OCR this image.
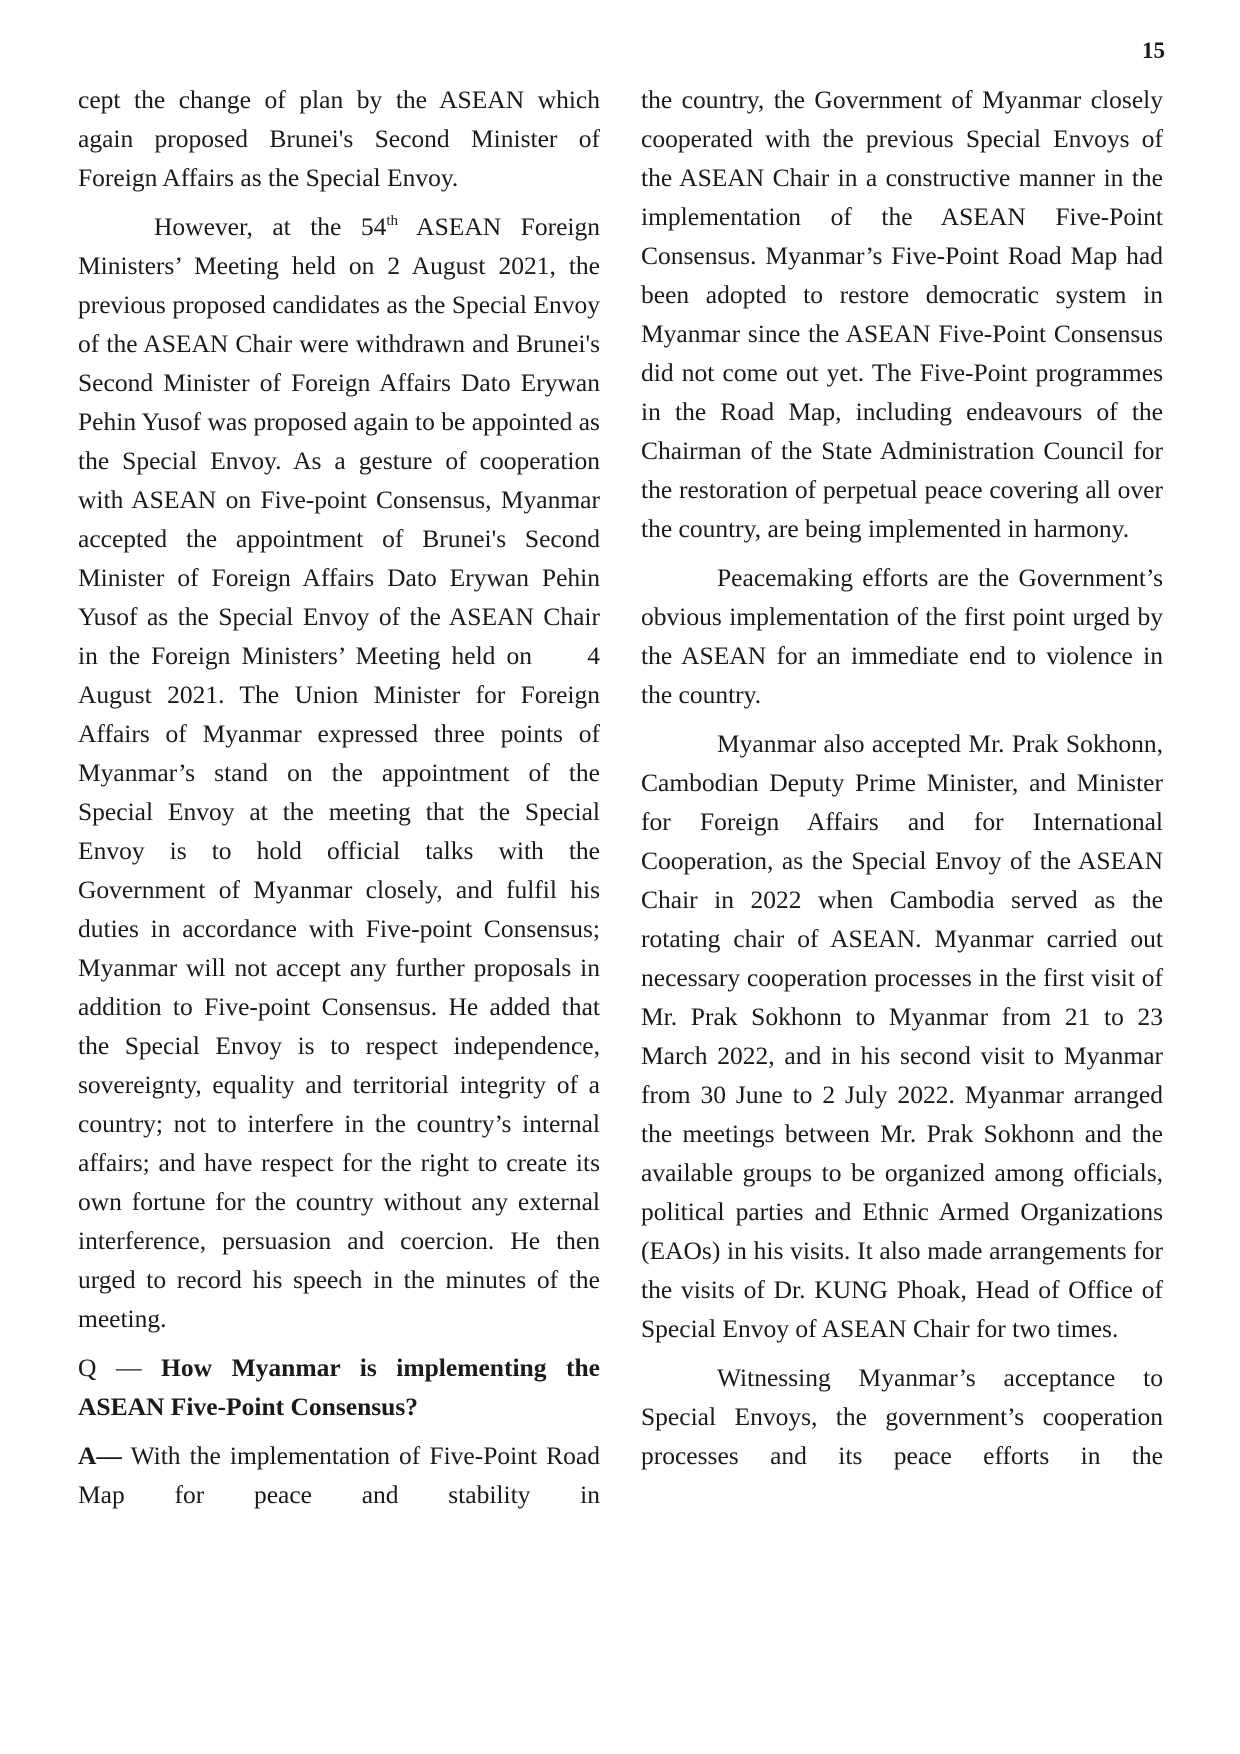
15

cept the change of plan by the ASEAN which again proposed Brunei's Second Minister of Foreign Affairs as the Special Envoy.

However, at the 54th ASEAN Foreign Ministers’ Meeting held on 2 August 2021, the previous proposed candidates as the Special Envoy of the ASEAN Chair were withdrawn and Brunei's Second Minister of Foreign Affairs Dato Erywan Pehin Yusof was proposed again to be appointed as the Special Envoy. As a gesture of cooperation with ASEAN on Five-point Consensus, Myanmar accepted the appointment of Brunei's Second Minister of Foreign Affairs Dato Erywan Pehin Yusof as the Special Envoy of the ASEAN Chair in the Foreign Ministers’ Meeting held on     4 August 2021. The Union Minister for Foreign Affairs of Myanmar expressed three points of Myanmar’s stand on the appointment of the Special Envoy at the meeting that the Special Envoy is to hold official talks with the Government of Myanmar closely, and fulfil his duties in accordance with Five-point Consensus; Myanmar will not accept any further proposals in addition to Five-point Consensus. He added that the Special Envoy is to respect independence, sovereignty, equality and territorial integrity of a country; not to interfere in the country’s internal affairs; and have respect for the right to create its own fortune for the country without any external interference, persuasion and coercion. He then urged to record his speech in the minutes of the meeting.

Q — How Myanmar is implementing the ASEAN Five-Point Consensus?

A— With the implementation of Five-Point Road Map for peace and stability in

the country, the Government of Myanmar closely cooperated with the previous Special Envoys of the ASEAN Chair in a constructive manner in the implementation of the ASEAN Five-Point Consensus. Myanmar’s Five-Point Road Map had been adopted to restore democratic system in Myanmar since the ASEAN Five-Point Consensus did not come out yet. The Five-Point programmes in the Road Map, including endeavours of the Chairman of the State Administration Council for the restoration of perpetual peace covering all over the country, are being implemented in harmony.

Peacemaking efforts are the Government’s obvious implementation of the first point urged by the ASEAN for an immediate end to violence in the country.

Myanmar also accepted Mr. Prak Sokhonn, Cambodian Deputy Prime Minister, and Minister for Foreign Affairs and for International Cooperation, as the Special Envoy of the ASEAN Chair in 2022 when Cambodia served as the rotating chair of ASEAN. Myanmar carried out necessary cooperation processes in the first visit of Mr. Prak Sokhonn to Myanmar from 21 to 23 March 2022, and in his second visit to Myanmar from 30 June to 2 July 2022. Myanmar arranged the meetings between Mr. Prak Sokhonn and the available groups to be organized among officials, political parties and Ethnic Armed Organizations (EAOs) in his visits. It also made arrangements for the visits of Dr. KUNG Phoak, Head of Office of Special Envoy of ASEAN Chair for two times.

Witnessing Myanmar’s acceptance to Special Envoys, the government’s cooperation processes and its peace efforts in the
